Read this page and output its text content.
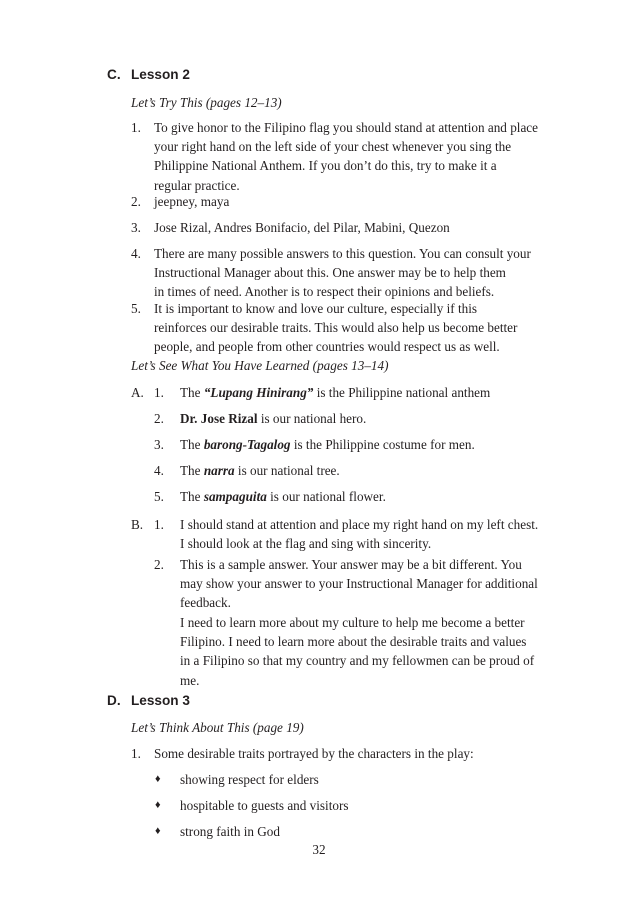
C. Lesson 2
Let’s Try This (pages 12–13)
1. To give honor to the Filipino flag you should stand at attention and place
your right hand on the left side of your chest whenever you sing the
Philippine National Anthem. If you don’t do this, try to make it a
regular practice.
2. jeepney, maya
3. Jose Rizal, Andres Bonifacio, del Pilar, Mabini, Quezon
4. There are many possible answers to this question. You can consult your
Instructional Manager about this. One answer may be to help them
in times of need. Another is to respect their opinions and beliefs.
5. It is important to know and love our culture, especially if this
reinforces our desirable traits. This would also help us become better
people, and people from other countries would respect us as well.
Let’s See What You Have Learned (pages 13–14)
A. 1. The “Lupang Hinirang” is the Philippine national anthem
2. Dr. Jose Rizal is our national hero.
3. The barong-Tagalog is the Philippine costume for men.
4. The narra is our national tree.
5. The sampaguita is our national flower.
B. 1. I should stand at attention and place my right hand on my left chest.
I should look at the flag and sing with sincerity.
2. This is a sample answer. Your answer may be a bit different. You
may show your answer to your Instructional Manager for additional
feedback.
I need to learn more about my culture to help me become a better
Filipino. I need to learn more about the desirable traits and values
in a Filipino so that my country and my fellowmen can be proud of
me.
D. Lesson 3
Let’s Think About This (page 19)
1. Some desirable traits portrayed by the characters in the play:
♦ showing respect for elders
♦ hospitable to guests and visitors
♦ strong faith in God
32
